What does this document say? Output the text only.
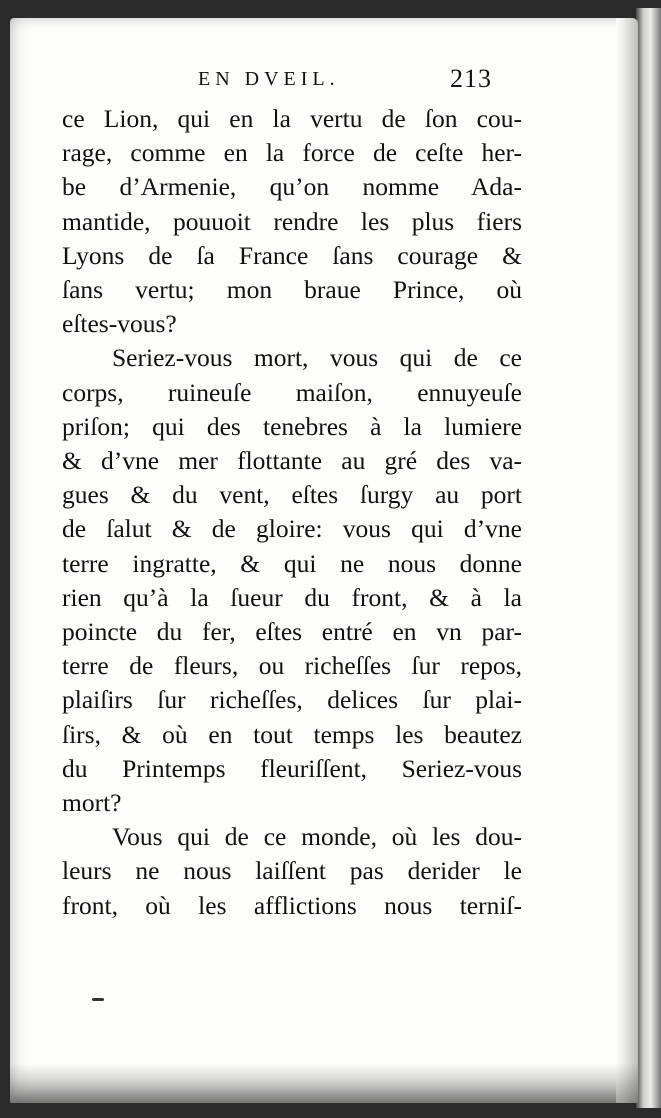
EN DVEIL.	213
ce Lion, qui en la vertu de ſon cou-
rage, comme en la force de ceſte her-
be d’Armenie, qu’on nomme Ada-
mantide, pouuoit rendre les plus fiers
Lyons de ſa France ſans courage &
ſans vertu; mon braue Prince, où
eſtes-vous?
Seriez-vous mort, vous qui de ce
corps, ruineuſe maiſon, ennuyeuſe
priſon; qui des tenebres à la lumiere
& d’vne mer flottante au gré des va-
gues & du vent, eſtes ſurgy au port
de ſalut & de gloire: vous qui d’vne
terre ingratte, & qui ne nous donne
rien qu’à la ſueur du front, & à la
poincte du fer, eſtes entré en vn par-
terre de fleurs, ou richeſſes ſur repos,
plaiſirs ſur richeſſes, delices ſur plai-
ſirs, & où en tout temps les beautez
du Printemps fleuriſſent, Seriez-vous
mort?
Vous qui de ce monde, où les dou-
leurs ne nous laiſſent pas derider le
front, où les afflictions nous terniſ-
